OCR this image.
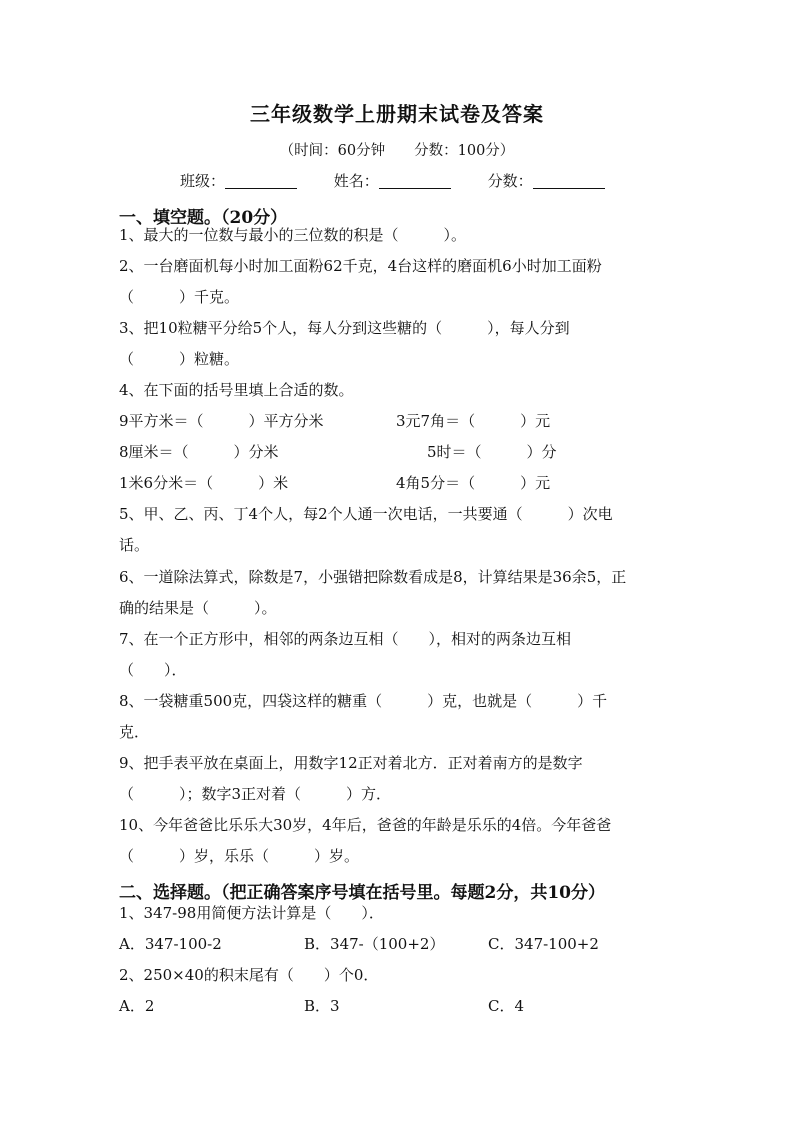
三年级数学上册期末试卷及答案
（时间：60分钟　　分数：100分）
班级：	姓名：	分数：
一、填空题。（20分）
1、最大的一位数与最小的三位数的积是（　　　）。
2、一台磨面机每小时加工面粉62千克，4台这样的磨面机6小时加工面粉
（　　　）千克。
3、把10粒糖平分给5个人，每人分到这些糖的（　　　），每人分到
（　　　）粒糖。
4、在下面的括号里填上合适的数。
9平方米＝（　　　）平方分米	3元7角＝（　　　）元
8厘米＝（　　　）分米	5时＝（　　　）分
1米6分米＝（　　　）米	4角5分＝（　　　）元
5、甲、乙、丙、丁4个人，每2个人通一次电话，一共要通（　　　）次电
话。
6、一道除法算式，除数是7，小强错把除数看成是8，计算结果是36余5，正
确的结果是（　　　）。
7、在一个正方形中，相邻的两条边互相（　　），相对的两条边互相
（　　）．
8、一袋糖重500克，四袋这样的糖重（　　　）克，也就是（　　　）千
克．
9、把手表平放在桌面上，用数字12正对着北方．正对着南方的是数字
（　　　）；数字3正对着（　　　）方．
10、今年爸爸比乐乐大30岁，4年后，爸爸的年龄是乐乐的4倍。今年爸爸
（　　　）岁，乐乐（　　　）岁。
二、选择题。（把正确答案序号填在括号里。每题2分，共10分）
1、347-98用简便方法计算是（　　）．
A．347-100-2	B．347-（100+2）	C．347-100+2
2、250×40的积末尾有（　　）个0．
A．2	B．3	C．4
